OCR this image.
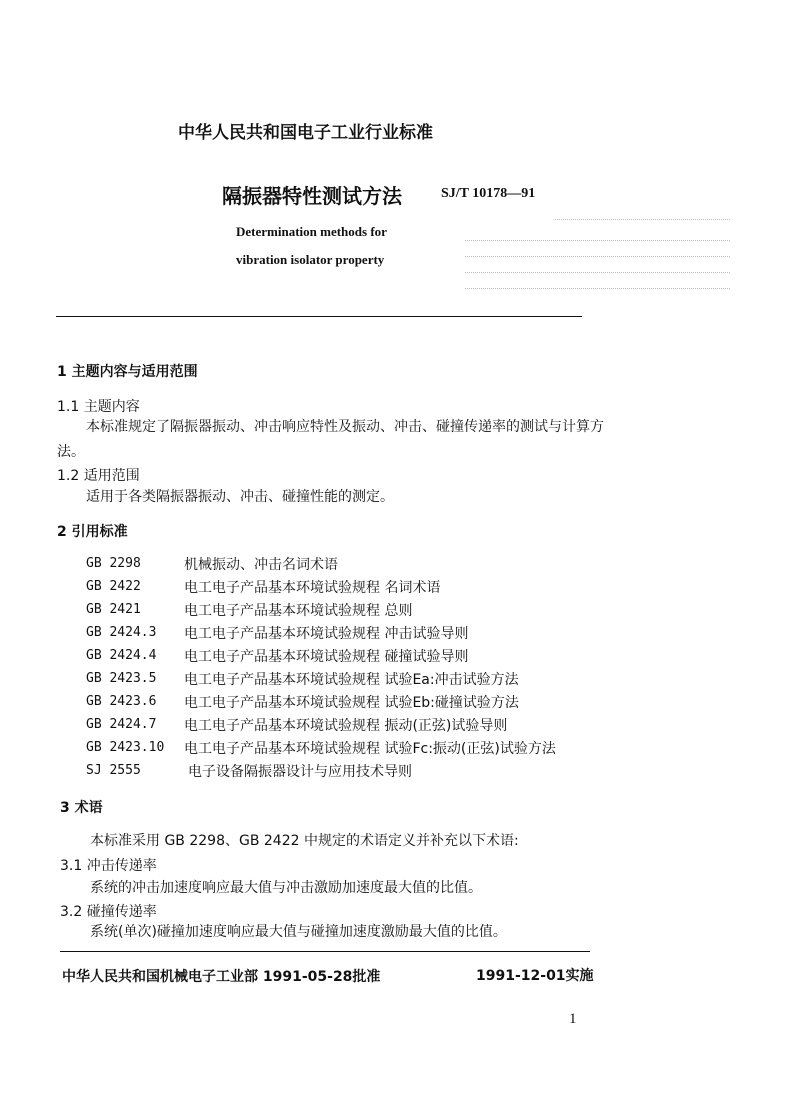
中华人民共和国电子工业行业标准
隔振器特性测试方法	SJ/T 10178—91
Determination methods for
vibration isolator property
1 主题内容与适用范围
1.1 主题内容
本标准规定了隔振器振动、冲击响应特性及振动、冲击、碰撞传递率的测试与计算方
法。
1.2 适用范围
适用于各类隔振器振动、冲击、碰撞性能的测定。
2 引用标准
GB 2298	机械振动、冲击名词术语
GB 2422	电工电子产品基本环境试验规程 名词术语
GB 2421	电工电子产品基本环境试验规程 总则
GB 2424.3 电工电子产品基本环境试验规程 冲击试验导则
GB 2424.4 电工电子产品基本环境试验规程 碰撞试验导则
GB 2423.5 电工电子产品基本环境试验规程 试验Ea:冲击试验方法
GB 2423.6 电工电子产品基本环境试验规程 试验Eb:碰撞试验方法
GB 2424.7 电工电子产品基本环境试验规程 振动(正弦)试验导则
GB 2423.10 电工电子产品基本环境试验规程 试验Fc:振动(正弦)试验方法
SJ 2555	电子设备隔振器设计与应用技术导则
3 术语
本标准采用 GB 2298、GB 2422 中规定的术语定义并补充以下术语:
3.1 冲击传递率
系统的冲击加速度响应最大值与冲击激励加速度最大值的比值。
3.2 碰撞传递率
系统(单次)碰撞加速度响应最大值与碰撞加速度激励最大值的比值。
中华人民共和国机械电子工业部 1991-05-28批准	1991-12-01实施
1
